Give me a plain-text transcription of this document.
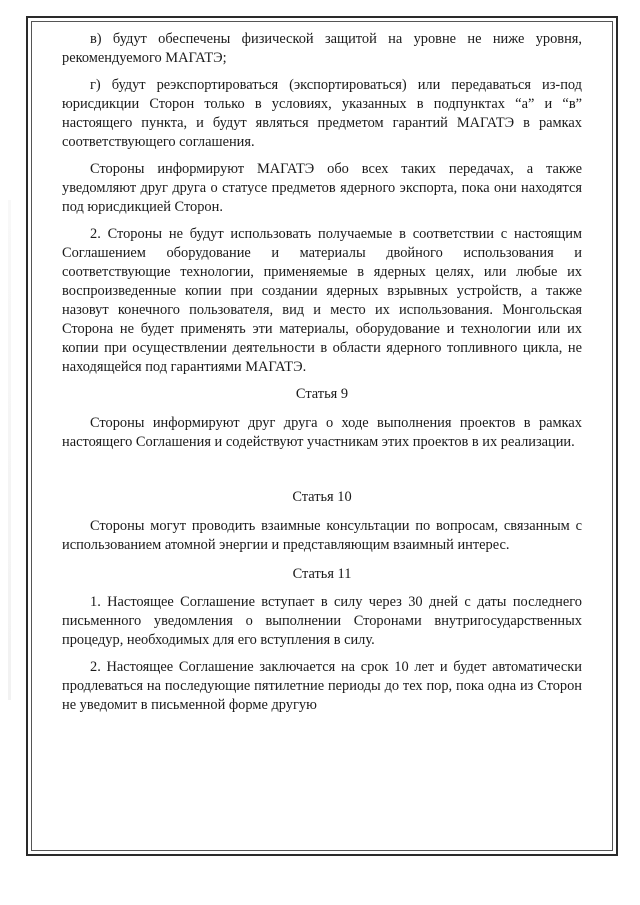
в) будут обеспечены физической защитой на уровне не ниже уровня, рекомендуемого МАГАТЭ;

г) будут реэкспортироваться (экспортироваться) или передаваться из-под юрисдикции Сторон только в условиях, указанных в подпунктах “а” и “в” настоящего пункта, и будут являться предметом гарантий МАГАТЭ в рамках соответствующего соглашения.

Стороны информируют МАГАТЭ обо всех таких передачах, а также уведомляют друг друга о статусе предметов ядерного экспорта, пока они находятся под юрисдикцией Сторон.

2. Стороны не будут использовать получаемые в соответствии с настоящим Соглашением оборудование и материалы двойного использования и соответствующие технологии, применяемые в ядерных целях, или любые их воспроизведенные копии при создании ядерных взрывных устройств, а также назовут конечного пользователя, вид и место их использования. Монгольская Сторона не будет применять эти материалы, оборудование и технологии или их копии при осуществлении деятельности в области ядерного топливного цикла, не находящейся под гарантиями МАГАТЭ.

Статья 9

Стороны информируют друг друга о ходе выполнения проектов в рамках настоящего Соглашения и содействуют участникам этих проектов в их реализации.

Статья 10

Стороны могут проводить взаимные консультации по вопросам, связанным с использованием атомной энергии и представляющим взаимный интерес.

Статья 11

1. Настоящее Соглашение вступает в силу через 30 дней с даты последнего письменного уведомления о выполнении Сторонами внутригосударственных процедур, необходимых для его вступления в силу.

2. Настоящее Соглашение заключается на срок 10 лет и будет автоматически продлеваться на последующие пятилетние периоды до тех пор, пока одна из Сторон не уведомит в письменной форме другую
